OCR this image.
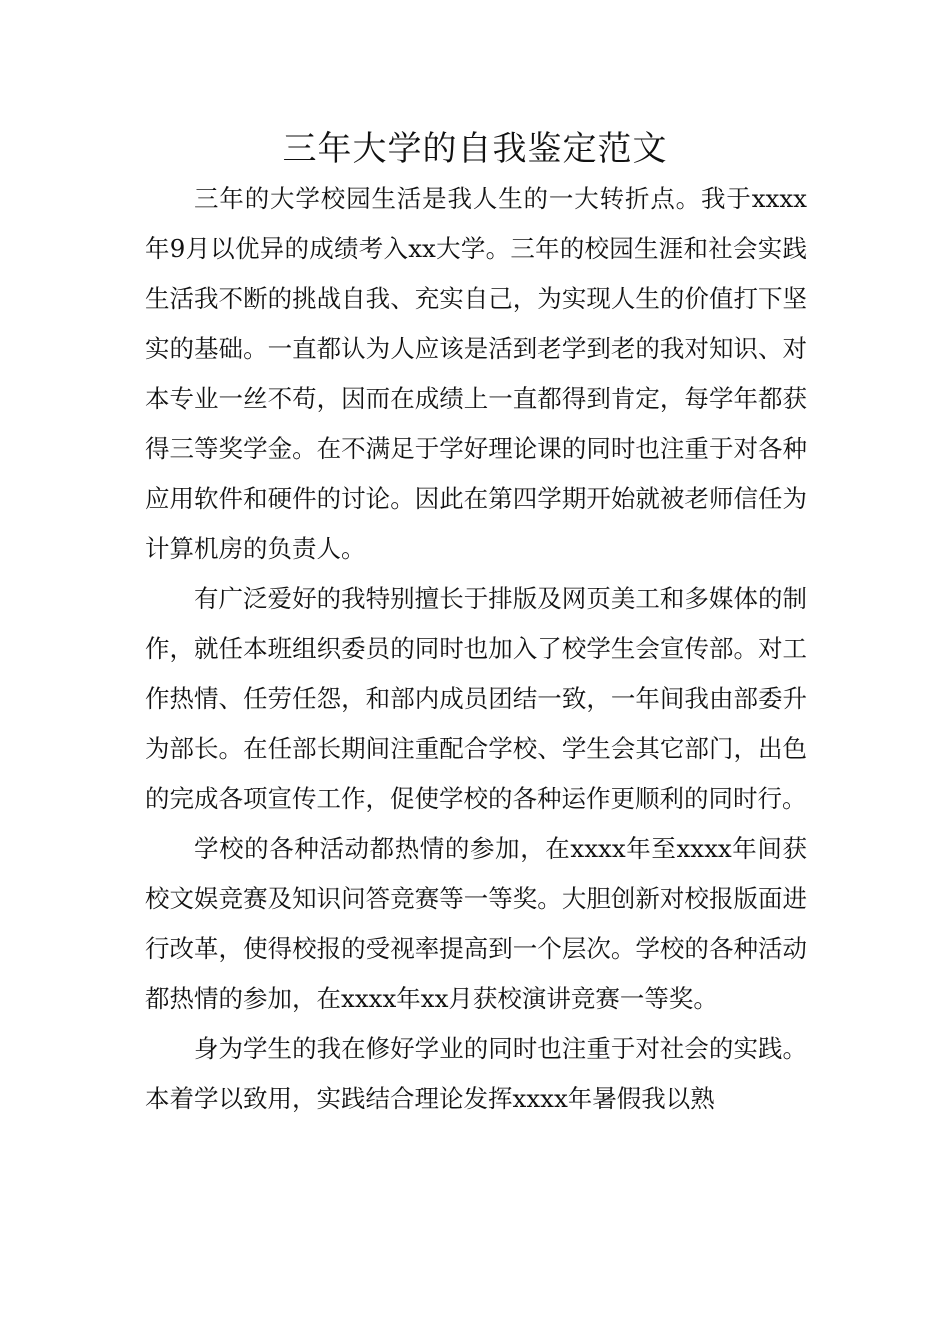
三年大学的自我鉴定范文

三年的大学校园生活是我人生的一大转折点。我于xxxx年9月以优异的成绩考入xx大学。三年的校园生涯和社会实践生活我不断的挑战自我、充实自己，为实现人生的价值打下坚实的基础。一直都认为人应该是活到老学到老的我对知识、对本专业一丝不苟，因而在成绩上一直都得到肯定，每学年都获得三等奖学金。在不满足于学好理论课的同时也注重于对各种应用软件和硬件的讨论。因此在第四学期开始就被老师信任为计算机房的负责人。

有广泛爱好的我特别擅长于排版及网页美工和多媒体的制作，就任本班组织委员的同时也加入了校学生会宣传部。对工作热情、任劳任怨，和部内成员团结一致，一年间我由部委升为部长。在任部长期间注重配合学校、学生会其它部门，出色的完成各项宣传工作，促使学校的各种运作更顺利的同时行。

学校的各种活动都热情的参加，在xxxx年至xxxx年间获校文娱竞赛及知识问答竞赛等一等奖。大胆创新对校报版面进行改革，使得校报的受视率提高到一个层次。学校的各种活动都热情的参加，在xxxx年xx月获校演讲竞赛一等奖。

身为学生的我在修好学业的同时也注重于对社会的实践。本着学以致用，实践结合理论发挥xxxx年暑假我以熟
